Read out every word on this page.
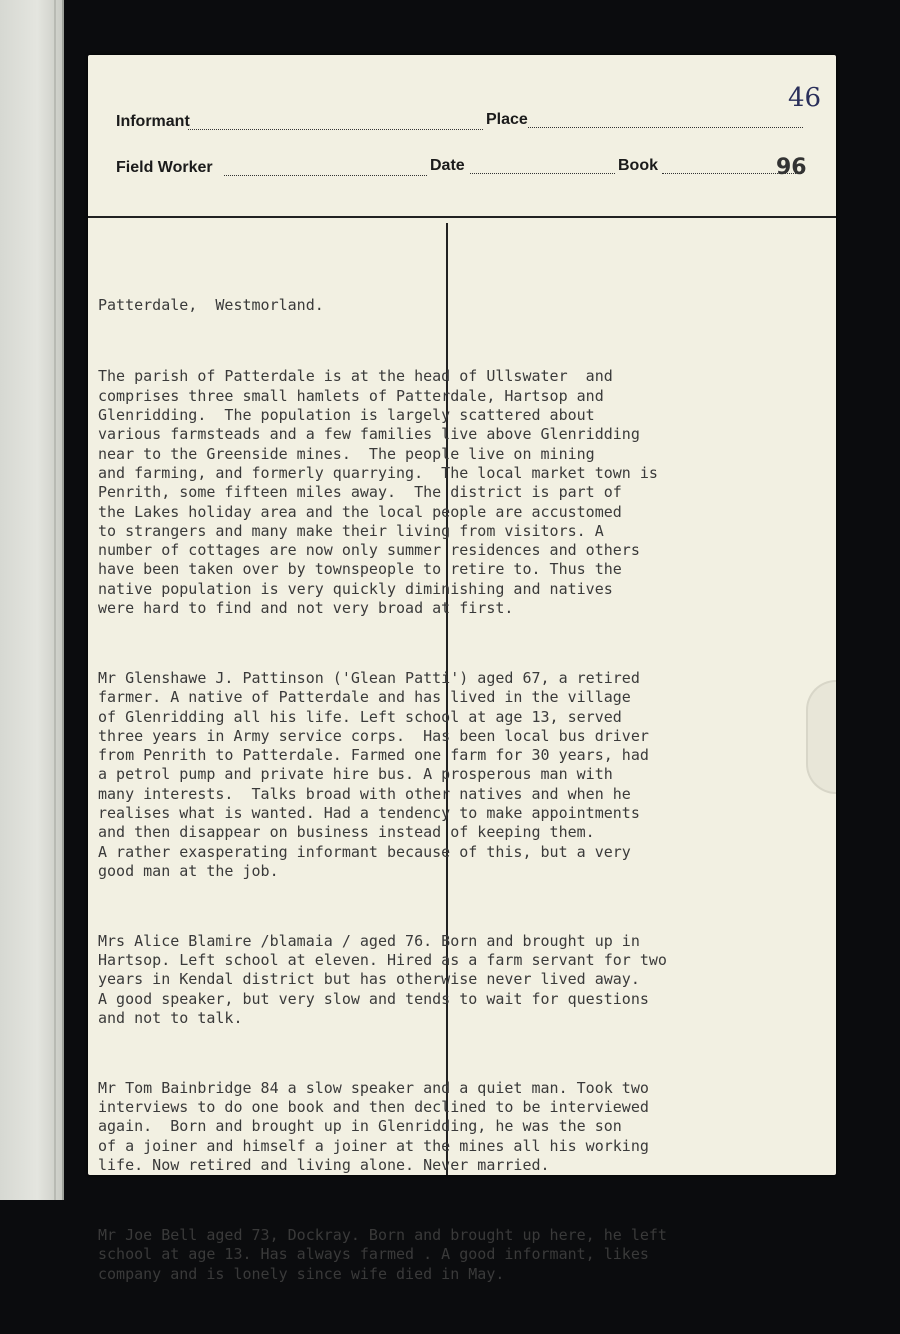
Informant	Place
46
Field Worker	Date	Book	96

Patterdale,  Westmorland.

The parish of Patterdale is at the head of Ullswater  and
comprises three small hamlets of Patterdale, Hartsop and
Glenridding.  The population is largely scattered about
various farmsteads and a few families live above Glenridding
near to the Greenside mines.  The people live on mining
and farming, and formerly quarrying.  The local market town is
Penrith, some fifteen miles away.  The district is part of
the Lakes holiday area and the local people are accustomed
to strangers and many make their living from visitors. A
number of cottages are now only summer residences and others
have been taken over by townspeople to retire to. Thus the
native population is very quickly diminishing and natives
were hard to find and not very broad at first.

Mr Glenshawe J. Pattinson ('Glean Patti') aged 67, a retired
farmer. A native of Patterdale and has lived in the village
of Glenridding all his life. Left school at age 13, served
three years in Army service corps.  Has been local bus driver
from Penrith to Patterdale. Farmed one farm for 30 years, had
a petrol pump and private hire bus. A prosperous man with
many interests.  Talks broad with other natives and when he
realises what is wanted. Had a tendency to make appointments
and then disappear on business instead of keeping them.
A rather exasperating informant because of this, but a very
good man at the job.

Mrs Alice Blamire /blamaia / aged 76. Born and brought up in
Hartsop. Left school at eleven. Hired as a farm servant for two
years in Kendal district but has otherwise never lived away.
A good speaker, but very slow and tends to wait for questions
and not to talk.

Mr Tom Bainbridge 84 a slow speaker and a quiet man. Took two
interviews to do one book and then declined to be interviewed
again.  Born and brought up in Glenridding, he was the son
of a joiner and himself a joiner at the mines all his working
life. Now retired and living alone. Never married.

Mr Joe Bell aged 73, Dockray. Born and brought up here, he left
school at age 13. Has always farmed . A good informant, likes
company and is lonely since wife died in May.
